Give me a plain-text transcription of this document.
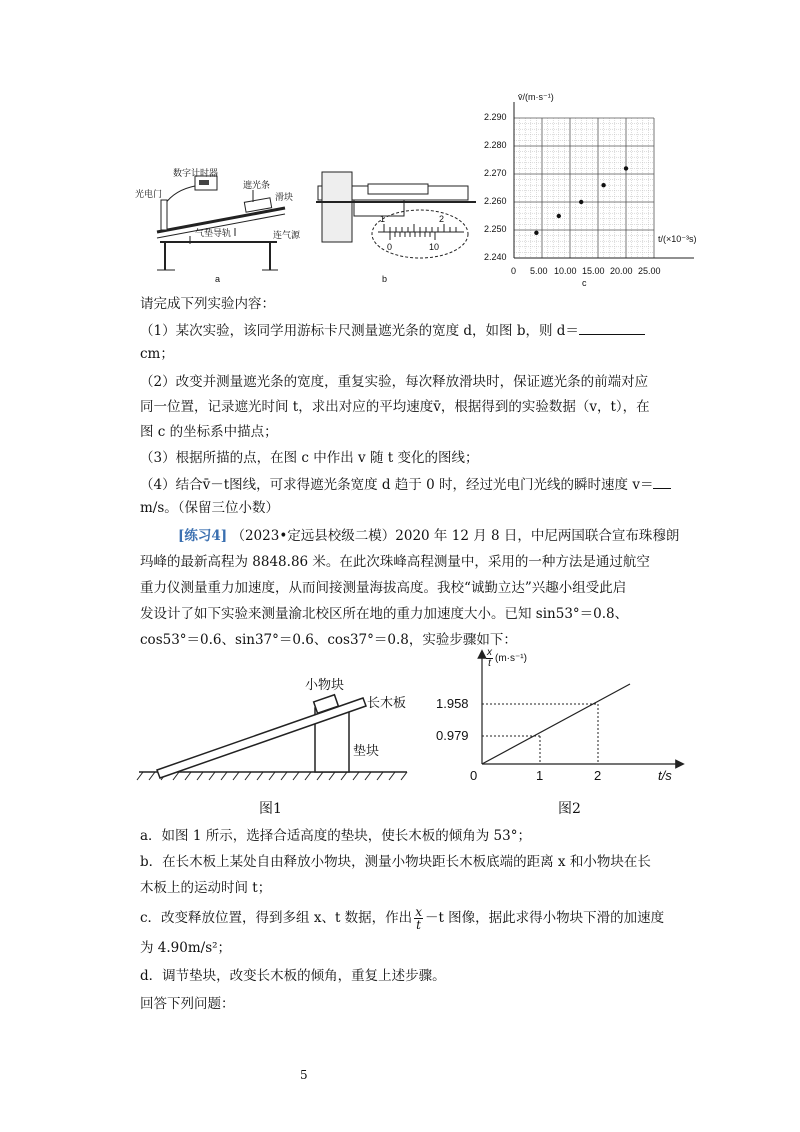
数字计时器
光电门
遮光条
滑块
气垫导轨	连气源
a
1	2
0	10
b
v̄/(m·s⁻¹)
t/(×10⁻³s)
2.290
2.280
2.270
2.260
2.250
2.240
0 5.00 10.00 15.00 20.00 25.00
c
请完成下列实验内容：
（1）某次实验，该同学用游标卡尺测量遮光条的宽度 d，如图 b，则 d＝
cm；
（2）改变并测量遮光条的宽度，重复实验，每次释放滑块时，保证遮光条的前端对应
同一位置，记录遮光时间 t，求出对应的平均速度v̄，根据得到的实验数据（v，t），在
图 c 的坐标系中描点；
（3）根据所描的点，在图 c 中作出 v 随 t 变化的图线；
（4）结合v̄－t图线，可求得遮光条宽度 d 趋于 0 时，经过光电门光线的瞬时速度 v＝
m/s。（保留三位小数）
[练习4] （2023•定远县校级二模）2020 年 12 月 8 日，中尼两国联合宣布珠穆朗
玛峰的最新高程为 8848.86 米。在此次珠峰高程测量中，采用的一种方法是通过航空
重力仪测量重力加速度，从而间接测量海拔高度。我校“诚勤立达”兴趣小组受此启
发设计了如下实验来测量渝北校区所在地的重力加速度大小。已知 sin53°＝0.8、
cos53°＝0.6、sin37°＝0.6、cos37°＝0.8，实验步骤如下：
小物块
长木板
垫块
图1
$\frac{x}{t} (m\cdot s^{-1})$
1.958
0.979
0	1	2	t/s
图2
a．如图 1 所示，选择合适高度的垫块，使长木板的倾角为 53°；
b．在长木板上某处自由释放小物块，测量小物块距长木板底端的距离 x 和小物块在长
木板上的运动时间 t；
c．改变释放位置，得到多组 x、t 数据，作出 $\frac{x}{t} -t$ 图像，据此求得小物块下滑的加速度
为 4.90m/s²；
d．调节垫块，改变长木板的倾角，重复上述步骤。
回答下列问题：
5
